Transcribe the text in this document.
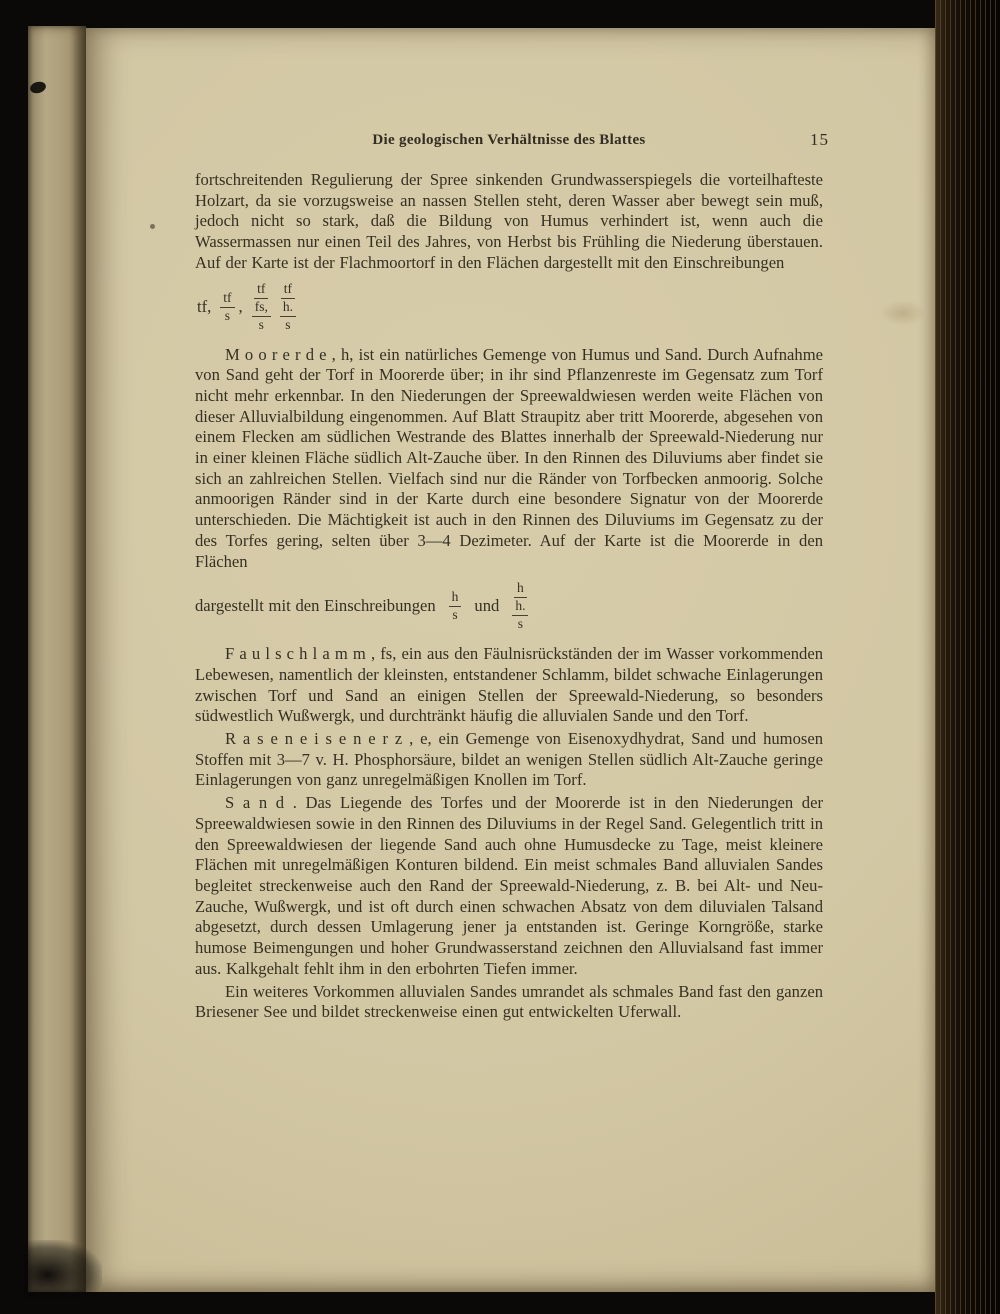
Die geologischen Verhältnisse des Blattes	15

fortschreitenden Regulierung der Spree sinkenden Grundwasserspiegels die vorteilhafteste Holzart, da sie vorzugsweise an nassen Stellen steht, deren Wasser aber bewegt sein muß, jedoch nicht so stark, daß die Bildung von Humus verhindert ist, wenn auch die Wassermassen nur einen Teil des Jahres, von Herbst bis Frühling die Niederung überstauen. Auf der Karte ist der Flachmoortorf in den Flächen dargestellt mit den Einschreibungen

tf, $\frac{tf}{s}$ ,
tf
fs,
s
tf
h.
s

M o o r e r d e , h, ist ein natürliches Gemenge von Humus und Sand. Durch Aufnahme von Sand geht der Torf in Moorerde über; in ihr sind Pflanzenreste im Gegensatz zum Torf nicht mehr erkennbar. In den Niederungen der Spreewaldwiesen werden weite Flächen von dieser Alluvialbildung eingenommen. Auf Blatt Straupitz aber tritt Moorerde, abgesehen von einem Flecken am südlichen Westrande des Blattes innerhalb der Spreewald-Niederung nur in einer kleinen Fläche südlich Alt-Zauche über. In den Rinnen des Diluviums aber findet sie sich an zahlreichen Stellen. Vielfach sind nur die Ränder von Torfbecken anmoorig. Solche anmoorigen Ränder sind in der Karte durch eine besondere Signatur von der Moorerde unterschieden. Die Mächtigkeit ist auch in den Rinnen des Diluviums im Gegensatz zu der des Torfes gering, selten über 3—4 Dezimeter. Auf der Karte ist die Moorerde in den Flächen

dargestellt mit den Einschreibungen $\frac{h}{s}$ und
h
h.
s

F a u l s c h l a m m , fs, ein aus den Fäulnisrückständen der im Wasser vorkommenden Lebewesen, namentlich der kleinsten, entstandener Schlamm, bildet schwache Einlagerungen zwischen Torf und Sand an einigen Stellen der Spreewald-Niederung, so besonders südwestlich Wußwergk, und durchtränkt häufig die alluvialen Sande und den Torf.

R a s e n e i s e n e r z , e, ein Gemenge von Eisenoxydhydrat, Sand und humosen Stoffen mit 3—7 v. H. Phosphorsäure, bildet an wenigen Stellen südlich Alt-Zauche geringe Einlagerungen von ganz unregelmäßigen Knollen im Torf.

S a n d . Das Liegende des Torfes und der Moorerde ist in den Niederungen der Spreewaldwiesen sowie in den Rinnen des Diluviums in der Regel Sand. Gelegentlich tritt in den Spreewaldwiesen der liegende Sand auch ohne Humusdecke zu Tage, meist kleinere Flächen mit unregelmäßigen Konturen bildend. Ein meist schmales Band alluvialen Sandes begleitet streckenweise auch den Rand der Spreewald-Niederung, z. B. bei Alt- und Neu-Zauche, Wußwergk, und ist oft durch einen schwachen Absatz von dem diluvialen Talsand abgesetzt, durch dessen Umlagerung jener ja entstanden ist. Geringe Korngröße, starke humose Beimengungen und hoher Grundwasserstand zeichnen den Alluvialsand fast immer aus. Kalkgehalt fehlt ihm in den erbohrten Tiefen immer.

Ein weiteres Vorkommen alluvialen Sandes umrandet als schmales Band fast den ganzen Briesener See und bildet streckenweise einen gut entwickelten Uferwall.
